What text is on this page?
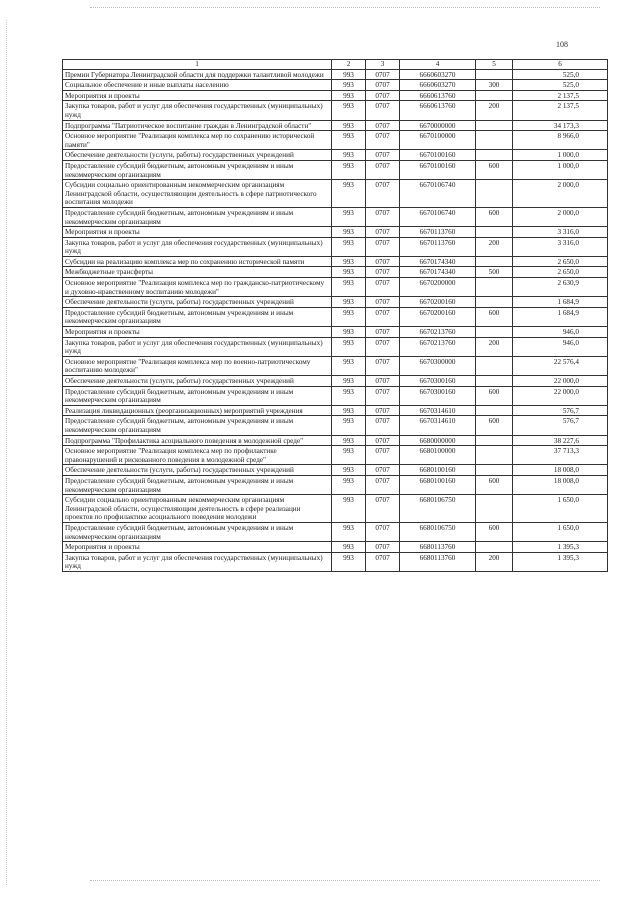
108
1	2	3	4	5	6
Премии Губернатора Ленинградской области для поддержки талантливой молодежи	993	0707	6660603270		525,0
Социальное обеспечение и иные выплаты населению	993	0707	6660603270	300	525,0
Мероприятия и проекты	993	0707	6660613760		2 137,5
Закупка товаров, работ и услуг для обеспечения государственных (муниципальных) нужд	993	0707	6660613760	200	2 137,5
Подпрограмма "Патриотическое воспитание граждан в Ленинградской области"	993	0707	6670000000		34 173,3
Основное мероприятие "Реализация комплекса мер по сохранению исторической памяти"	993	0707	6670100000		8 966,0
Обеспечение деятельности (услуги, работы) государственных учреждений	993	0707	6670100160		1 000,0
Предоставление субсидий бюджетным, автономным учреждениям и иным некоммерческим организациям	993	0707	6670100160	600	1 000,0
Субсидии социально ориентированным некоммерческим организациям Ленинградской области, осуществляющим деятельность в сфере патриотического воспитания молодежи	993	0707	6670106740		2 000,0
Предоставление субсидий бюджетным, автономным учреждениям и иным некоммерческим организациям	993	0707	6670106740	600	2 000,0
Мероприятия и проекты	993	0707	6670113760		3 316,0
Закупка товаров, работ и услуг для обеспечения государственных (муниципальных) нужд	993	0707	6670113760	200	3 316,0
Субсидии на реализацию комплекса мер по сохранению исторической памяти	993	0707	6670174340		2 650,0
Межбюджетные трансферты	993	0707	6670174340	500	2 650,0
Основное мероприятие "Реализация комплекса мер по гражданско-патриотическому и духовно-нравственному воспитанию молодежи"	993	0707	6670200000		2 630,9
Обеспечение деятельности (услуги, работы) государственных учреждений	993	0707	6670200160		1 684,9
Предоставление субсидий бюджетным, автономным учреждениям и иным некоммерческим организациям	993	0707	6670200160	600	1 684,9
Мероприятия и проекты	993	0707	6670213760		946,0
Закупка товаров, работ и услуг для обеспечения государственных (муниципальных) нужд	993	0707	6670213760	200	946,0
Основное мероприятие "Реализация комплекса мер по военно-патриотическому воспитанию молодежи"	993	0707	6670300000		22 576,4
Обеспечение деятельности (услуги, работы) государственных учреждений	993	0707	6670300160		22 000,0
Предоставление субсидий бюджетным, автономным учреждениям и иным некоммерческим организациям	993	0707	6670300160	600	22 000,0
Реализация ликвидационных (реорганизационных) мероприятий учреждения	993	0707	6670314610		576,7
Предоставление субсидий бюджетным, автономным учреждениям и иным некоммерческим организациям	993	0707	6670314610	600	576,7
Подпрограмма "Профилактика асоциального поведения в молодежной среде"	993	0707	6680000000		38 227,6
Основное мероприятие "Реализация комплекса мер по профилактике правонарушений и рискованного поведения в молодежной среде"	993	0707	6680100000		37 713,3
Обеспечение деятельности (услуги, работы) государственных учреждений	993	0707	6680100160		18 008,0
Предоставление субсидий бюджетным, автономным учреждениям и иным некоммерческим организациям	993	0707	6680100160	600	18 008,0
Субсидии социально ориентированным некоммерческим организациям Ленинградской области, осуществляющим деятельность в сфере реализации проектов по профилактике асоциального поведения молодежи	993	0707	6680106750		1 650,0
Предоставление субсидий бюджетным, автономным учреждениям и иным некоммерческим организациям	993	0707	6680106750	600	1 650,0
Мероприятия и проекты	993	0707	6680113760		1 395,3
Закупка товаров, работ и услуг для обеспечения государственных (муниципальных) нужд	993	0707	6680113760	200	1 395,3
